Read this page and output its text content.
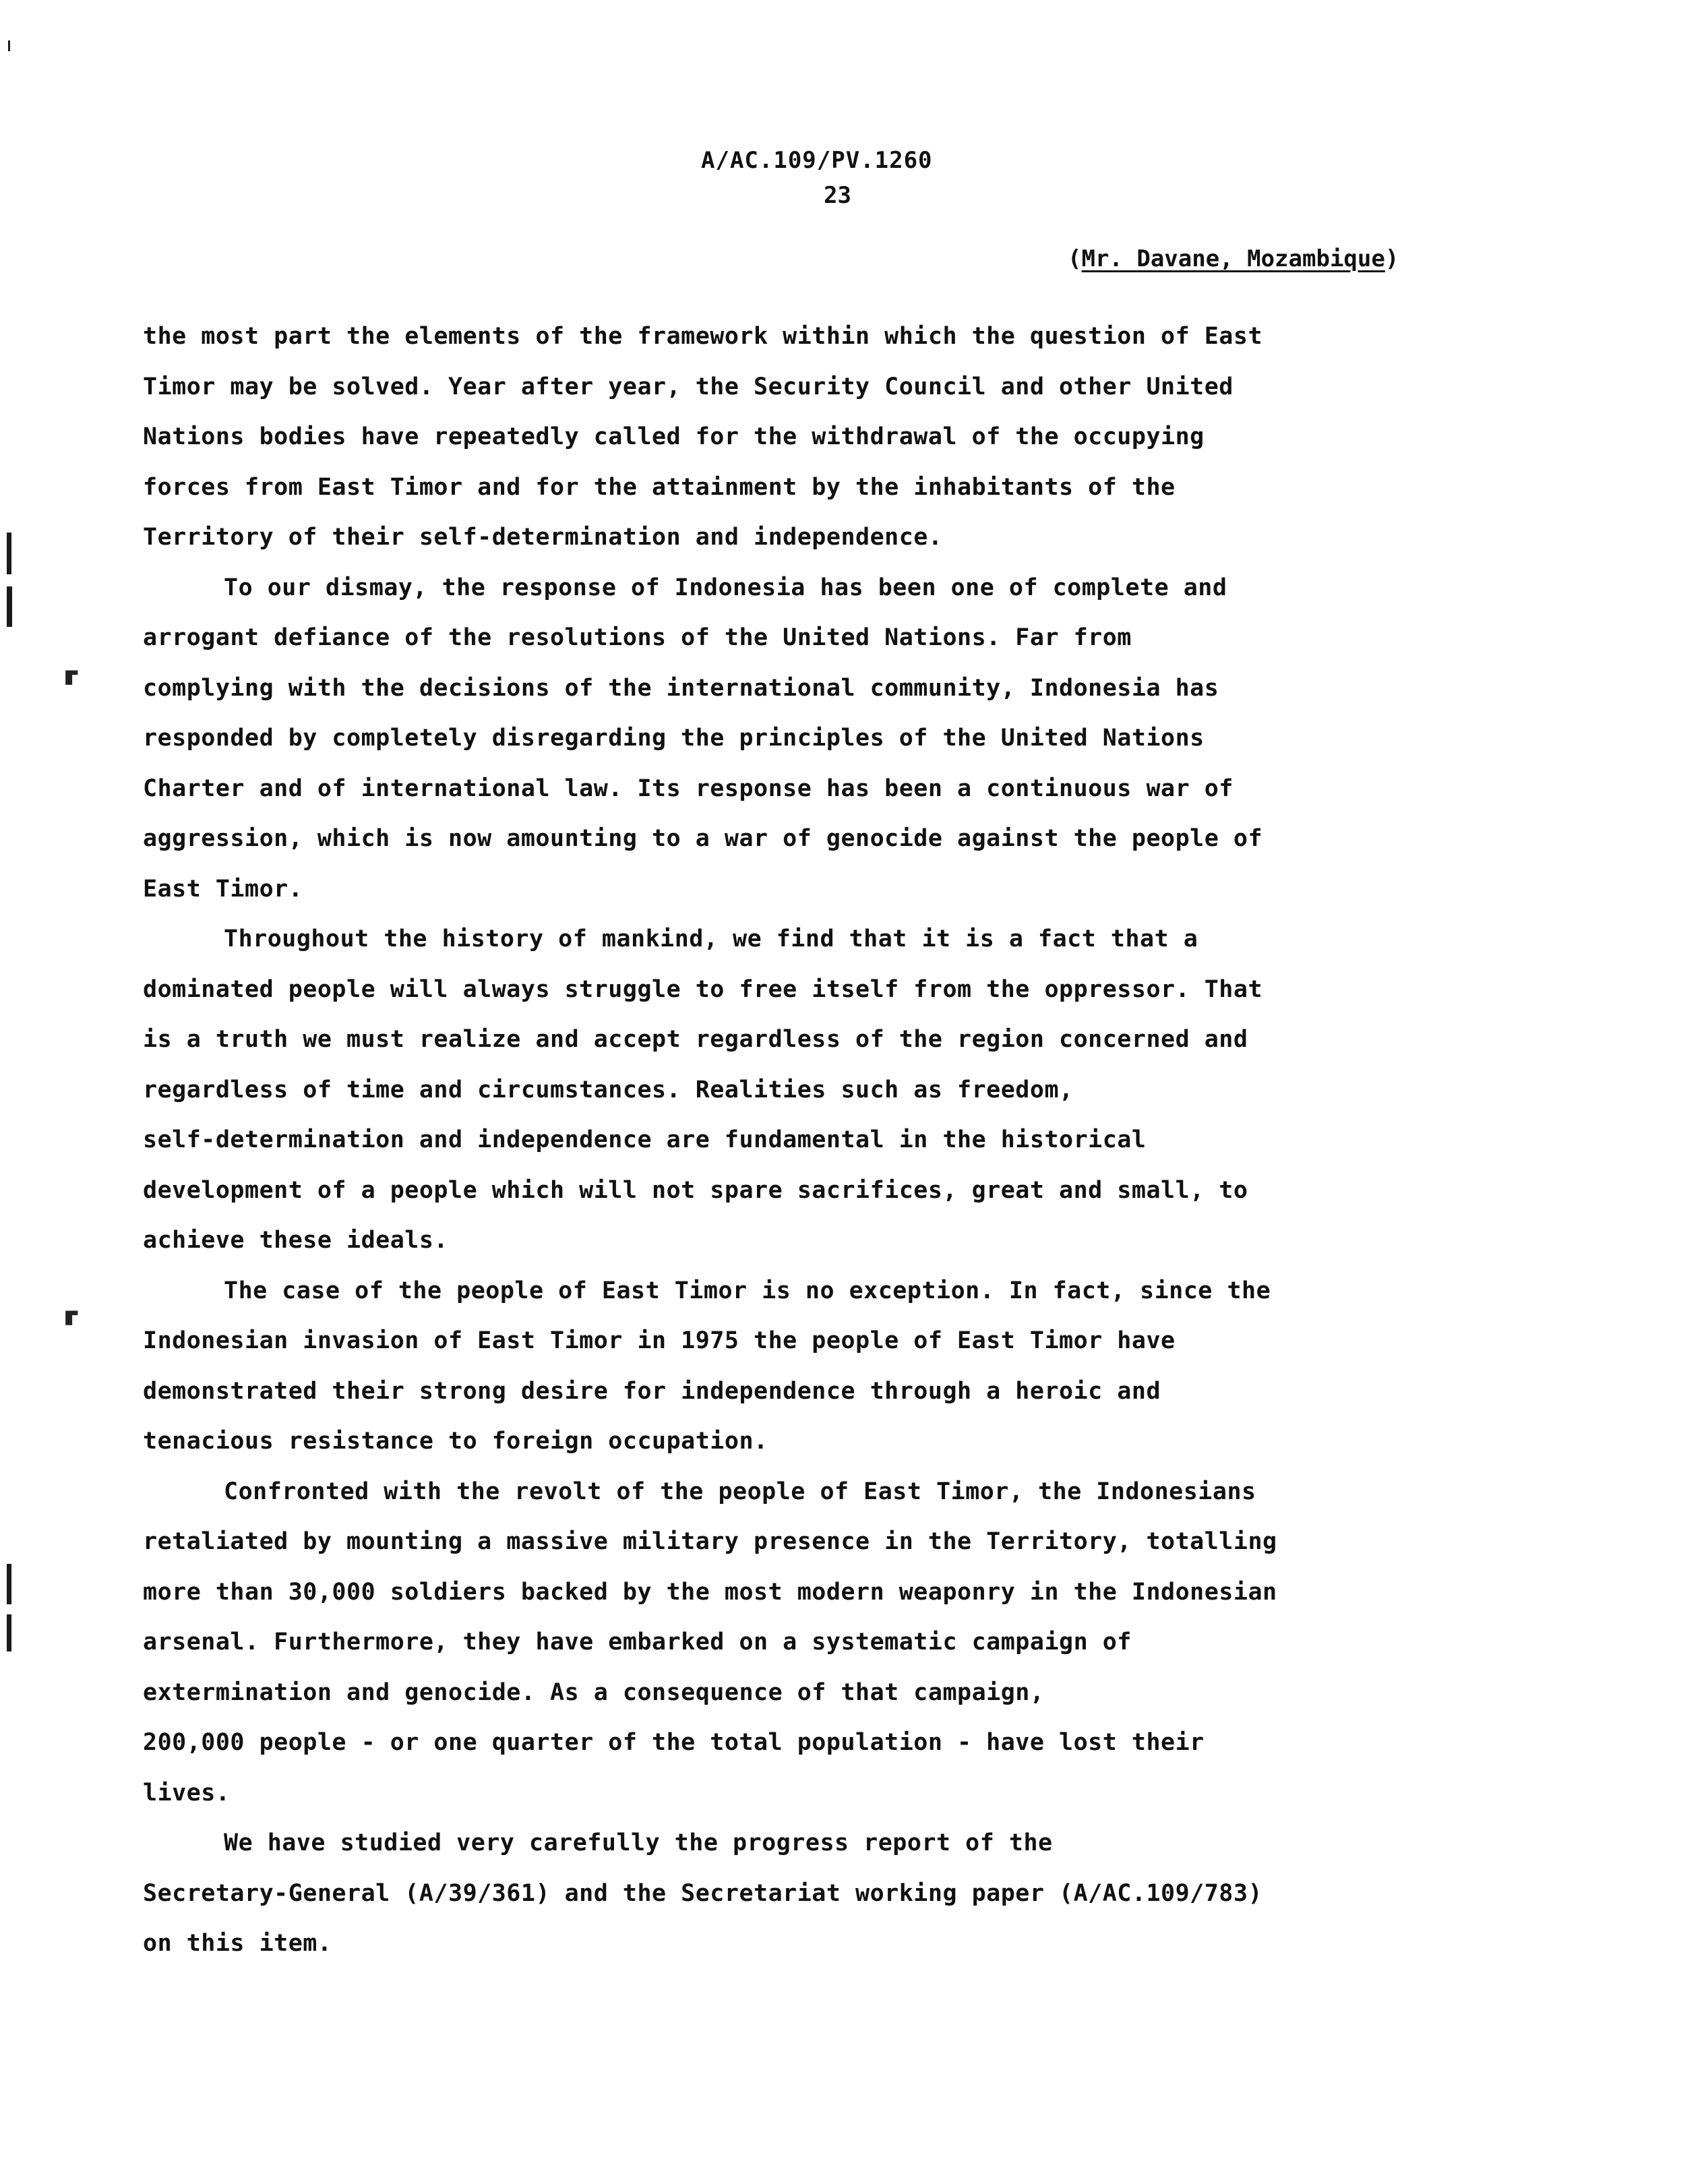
⸢
⸢
A/AC.109/PV.1260
23
(Mr. Davane, Mozambique)
the most part the elements of the framework within which the question of East
Timor may be solved. Year after year, the Security Council and other United
Nations bodies have repeatedly called for the withdrawal of the occupying
forces from East Timor and for the attainment by the inhabitants of the
Territory of their self-determination and independence.
To our dismay, the response of Indonesia has been one of complete and
arrogant defiance of the resolutions of the United Nations. Far from
complying with the decisions of the international community, Indonesia has
responded by completely disregarding the principles of the United Nations
Charter and of international law. Its response has been a continuous war of
aggression, which is now amounting to a war of genocide against the people of
East Timor.
Throughout the history of mankind, we find that it is a fact that a
dominated people will always struggle to free itself from the oppressor. That
is a truth we must realize and accept regardless of the region concerned and
regardless of time and circumstances. Realities such as freedom,
self-determination and independence are fundamental in the historical
development of a people which will not spare sacrifices, great and small, to
achieve these ideals.
The case of the people of East Timor is no exception. In fact, since the
Indonesian invasion of East Timor in 1975 the people of East Timor have
demonstrated their strong desire for independence through a heroic and
tenacious resistance to foreign occupation.
Confronted with the revolt of the people of East Timor, the Indonesians
retaliated by mounting a massive military presence in the Territory, totalling
more than 30,000 soldiers backed by the most modern weaponry in the Indonesian
arsenal. Furthermore, they have embarked on a systematic campaign of
extermination and genocide. As a consequence of that campaign,
200,000 people - or one quarter of the total population - have lost their
lives.
We have studied very carefully the progress report of the
Secretary-General (A/39/361) and the Secretariat working paper (A/AC.109/783)
on this item.
